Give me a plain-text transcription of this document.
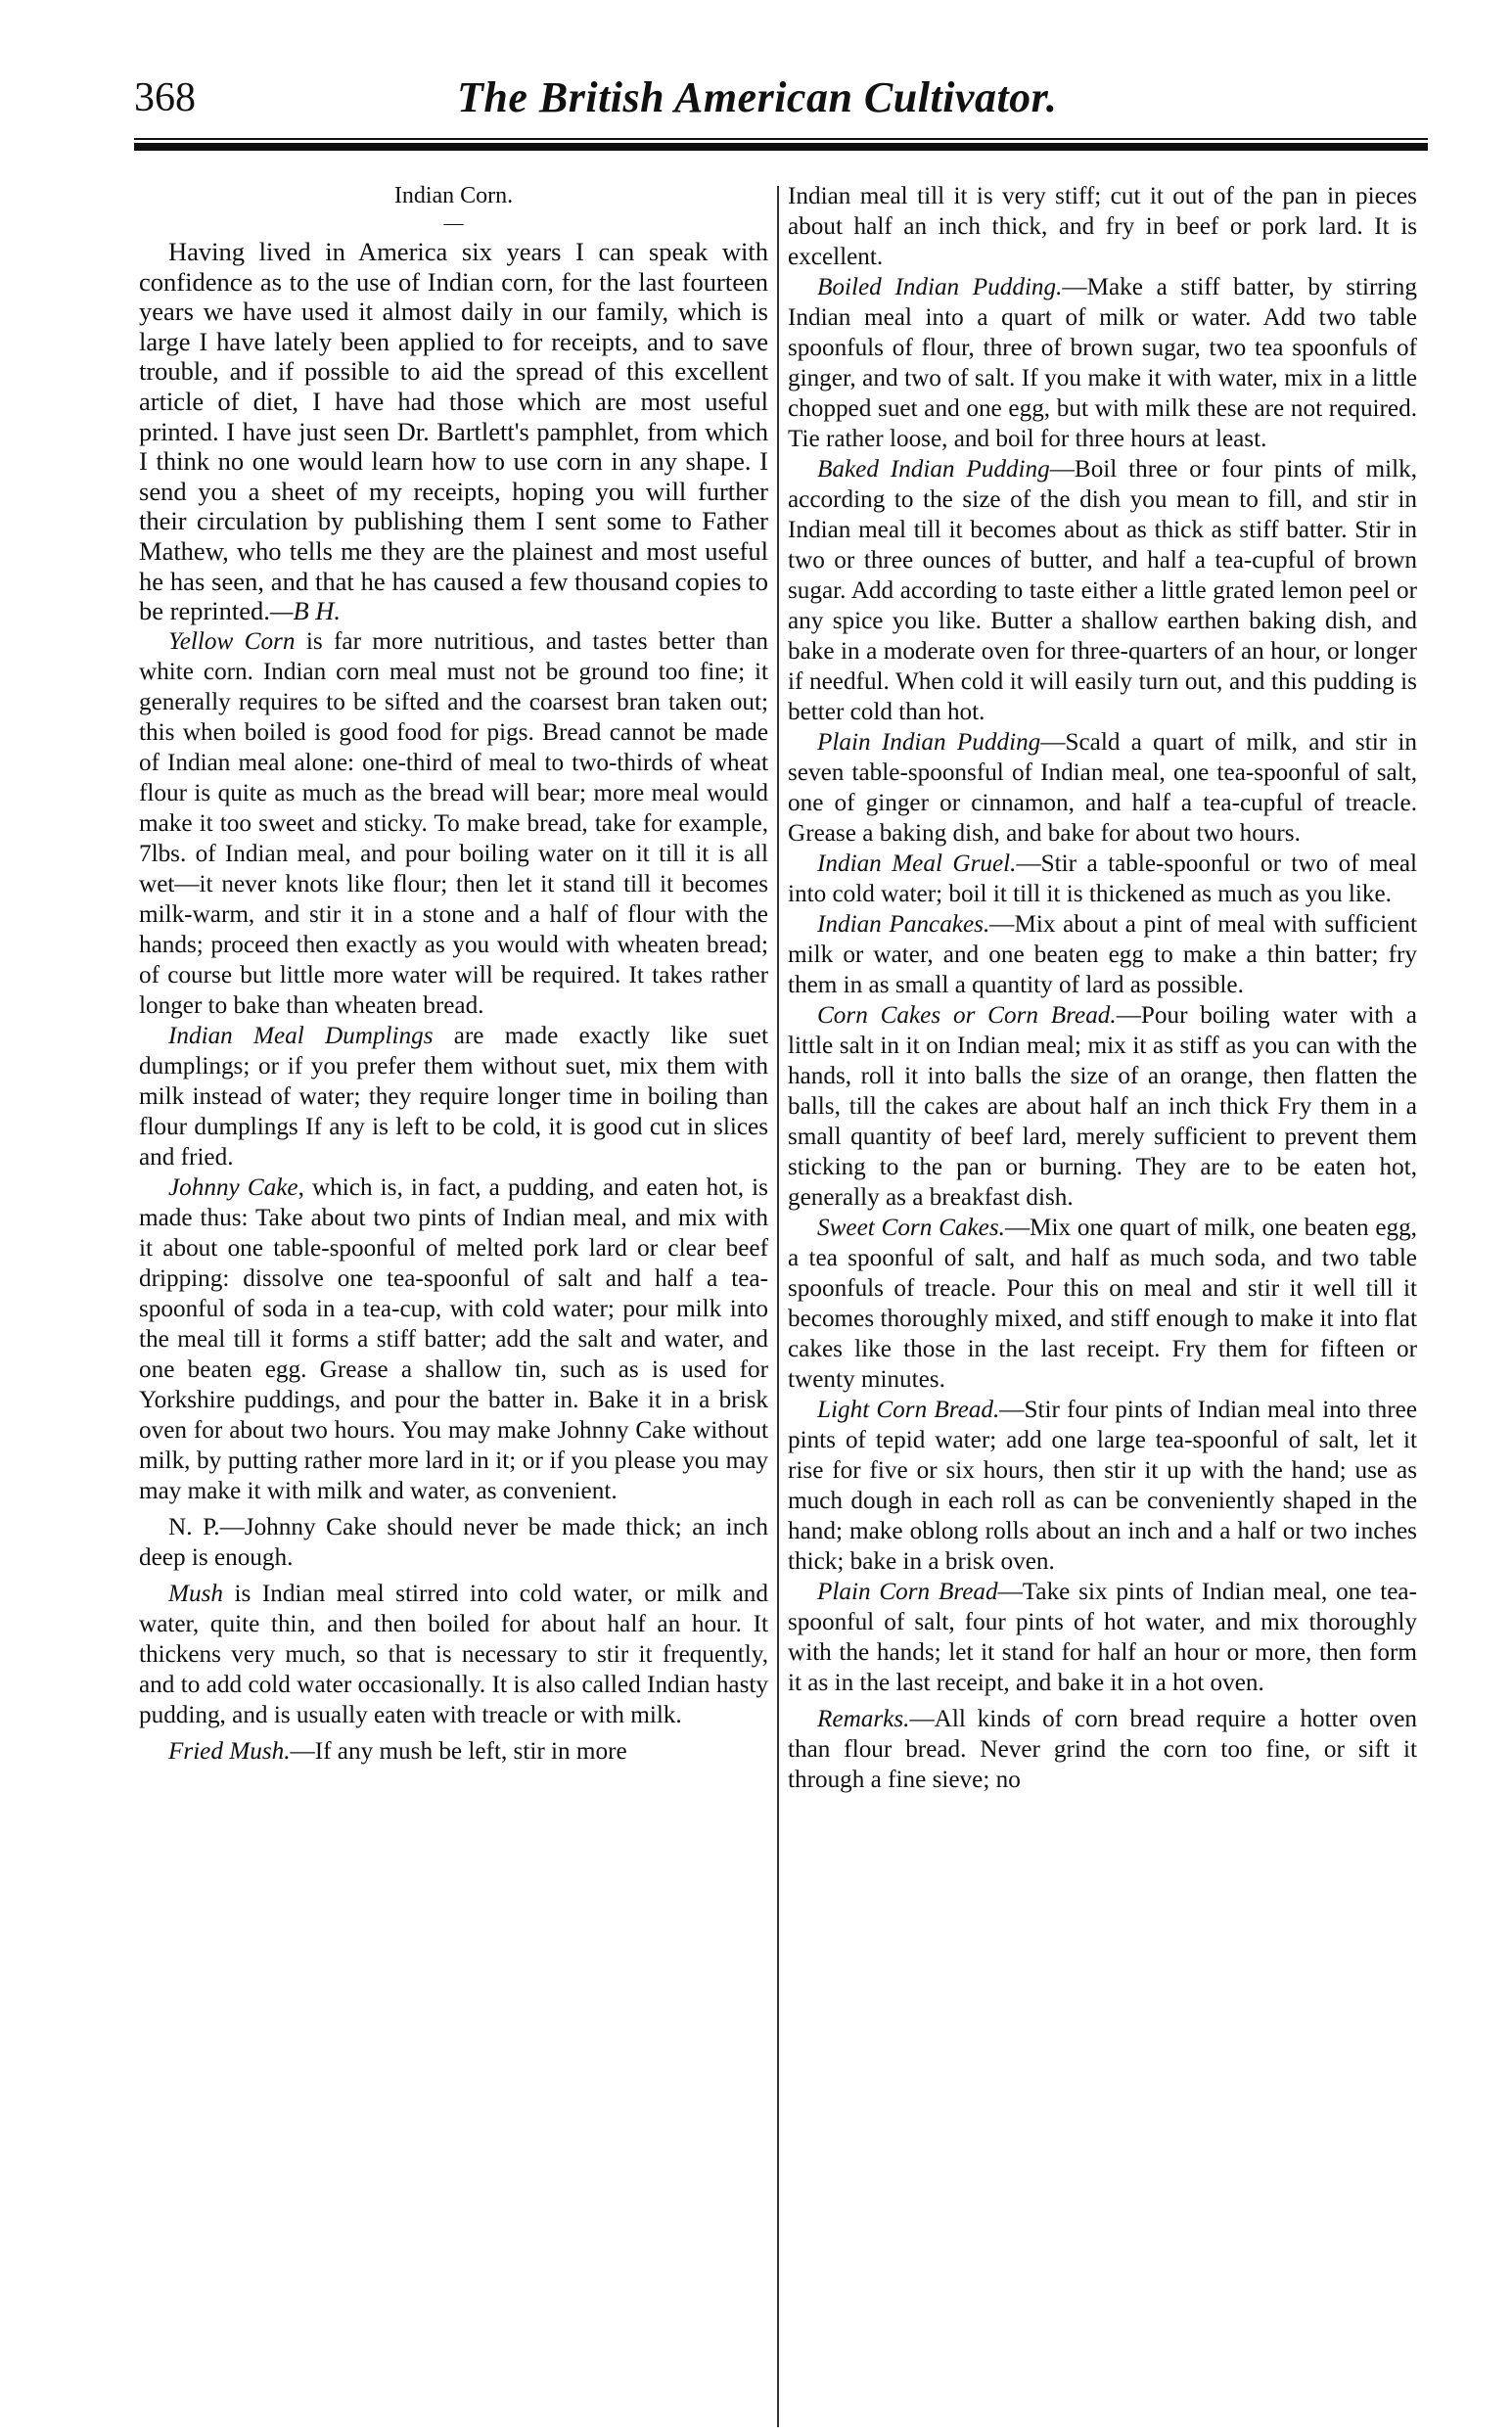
368	The British American Cultivator.
Indian Corn.
—

Having lived in America six years I can speak with confidence as to the use of Indian corn, for the last fourteen years we have used it almost daily in our family, which is large I have lately been applied to for receipts, and to save trouble, and if possible to aid the spread of this excellent article of diet, I have had those which are most useful printed. I have just seen Dr. Bartlett's pamphlet, from which I think no one would learn how to use corn in any shape. I send you a sheet of my receipts, hoping you will further their circulation by publishing them I sent some to Father Mathew, who tells me they are the plainest and most useful he has seen, and that he has caused a few thousand copies to be reprinted.—B H.

Yellow Corn is far more nutritious, and tastes better than white corn. Indian corn meal must not be ground too fine; it generally requires to be sifted and the coarsest bran taken out; this when boiled is good food for pigs. Bread cannot be made of Indian meal alone: one-third of meal to two-thirds of wheat flour is quite as much as the bread will bear; more meal would make it too sweet and sticky. To make bread, take for example, 7lbs. of Indian meal, and pour boiling water on it till it is all wet—it never knots like flour; then let it stand till it becomes milk-warm, and stir it in a stone and a half of flour with the hands; proceed then exactly as you would with wheaten bread; of course but little more water will be required. It takes rather longer to bake than wheaten bread.

Indian Meal Dumplings are made exactly like suet dumplings; or if you prefer them without suet, mix them with milk instead of water; they require longer time in boiling than flour dumplings If any is left to be cold, it is good cut in slices and fried.

Johnny Cake, which is, in fact, a pudding, and eaten hot, is made thus: Take about two pints of Indian meal, and mix with it about one table-spoonful of melted pork lard or clear beef dripping: dissolve one tea-spoonful of salt and half a tea-spoonful of soda in a tea-cup, with cold water; pour milk into the meal till it forms a stiff batter; add the salt and water, and one beaten egg. Grease a shallow tin, such as is used for Yorkshire puddings, and pour the batter in. Bake it in a brisk oven for about two hours. You may make Johnny Cake without milk, by putting rather more lard in it; or if you please you may may make it with milk and water, as convenient.

N. P.—Johnny Cake should never be made thick; an inch deep is enough.

Mush is Indian meal stirred into cold water, or milk and water, quite thin, and then boiled for about half an hour. It thickens very much, so that is necessary to stir it frequently, and to add cold water occasionally. It is also called Indian hasty pudding, and is usually eaten with treacle or with milk.

Fried Mush.—If any mush be left, stir in more

Indian meal till it is very stiff; cut it out of the pan in pieces about half an inch thick, and fry in beef or pork lard. It is excellent.

Boiled Indian Pudding.—Make a stiff batter, by stirring Indian meal into a quart of milk or water. Add two table spoonfuls of flour, three of brown sugar, two tea spoonfuls of ginger, and two of salt. If you make it with water, mix in a little chopped suet and one egg, but with milk these are not required. Tie rather loose, and boil for three hours at least.

Baked Indian Pudding—Boil three or four pints of milk, according to the size of the dish you mean to fill, and stir in Indian meal till it becomes about as thick as stiff batter. Stir in two or three ounces of butter, and half a tea-cupful of brown sugar. Add according to taste either a little grated lemon peel or any spice you like. Butter a shallow earthen baking dish, and bake in a moderate oven for three-quarters of an hour, or longer if needful. When cold it will easily turn out, and this pudding is better cold than hot.

Plain Indian Pudding—Scald a quart of milk, and stir in seven table-spoonsful of Indian meal, one tea-spoonful of salt, one of ginger or cinnamon, and half a tea-cupful of treacle. Grease a baking dish, and bake for about two hours.

Indian Meal Gruel.—Stir a table-spoonful or two of meal into cold water; boil it till it is thickened as much as you like.

Indian Pancakes.—Mix about a pint of meal with sufficient milk or water, and one beaten egg to make a thin batter; fry them in as small a quantity of lard as possible.

Corn Cakes or Corn Bread.—Pour boiling water with a little salt in it on Indian meal; mix it as stiff as you can with the hands, roll it into balls the size of an orange, then flatten the balls, till the cakes are about half an inch thick Fry them in a small quantity of beef lard, merely sufficient to prevent them sticking to the pan or burning. They are to be eaten hot, generally as a breakfast dish.

Sweet Corn Cakes.—Mix one quart of milk, one beaten egg, a tea spoonful of salt, and half as much soda, and two table spoonfuls of treacle. Pour this on meal and stir it well till it becomes thoroughly mixed, and stiff enough to make it into flat cakes like those in the last receipt. Fry them for fifteen or twenty minutes.

Light Corn Bread.—Stir four pints of Indian meal into three pints of tepid water; add one large tea-spoonful of salt, let it rise for five or six hours, then stir it up with the hand; use as much dough in each roll as can be conveniently shaped in the hand; make oblong rolls about an inch and a half or two inches thick; bake in a brisk oven.

Plain Corn Bread—Take six pints of Indian meal, one tea-spoonful of salt, four pints of hot water, and mix thoroughly with the hands; let it stand for half an hour or more, then form it as in the last receipt, and bake it in a hot oven.

Remarks.—All kinds of corn bread require a hotter oven than flour bread. Never grind the corn too fine, or sift it through a fine sieve; no
